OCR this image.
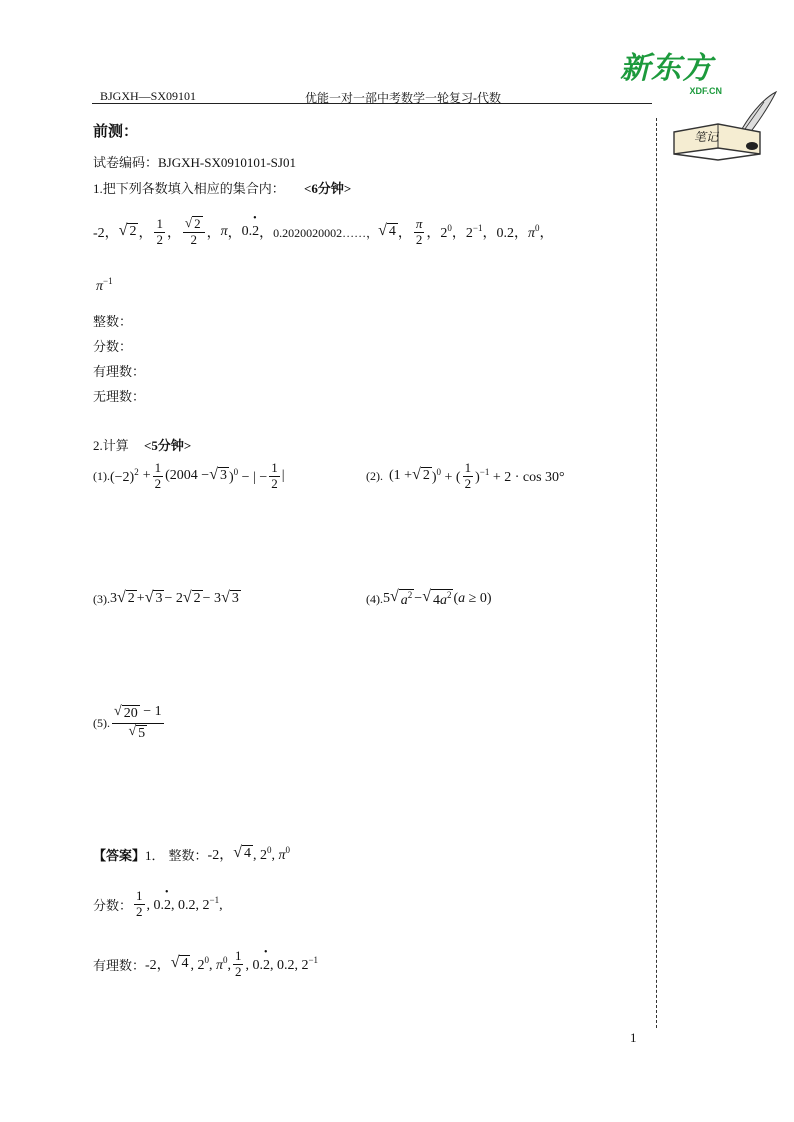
BJGXH—SX09101	优能一对一部中考数学一轮复习-代数
新东方
XDF.CN
笔记
前测：
试卷编码：BJGXH-SX0910101-SJ01
1.把下列各数填入相应的集合内： <6分钟>
-2， √ 2 ， $\frac{1}{2}$ ， $\frac{√ 2}{2}$ ， π ， 0.• 2 ， 0.2020020002……， √ 4 ， $\frac{\pi}{2}$ ， $2^0$ ， $2^{-1}$ ， 0.2， $\pi^0$ ，
$\pi^{-1}$
整数：
分数：
有理数：
无理数：
2.计算 <5分钟>
(1). $(-2)^2 + \frac{1}{2} (2004$ − √ 3 )$^0$ − | − $\frac{1}{2}$ |	(2). (1 + √ 2 )$^0$ + ( $\frac{1}{2} )^{-1} + 2 \cdot \cos 30^\circ$
(3). 3 √ 2 + √ 3 − 2 √ 2 − 3 √ 3	(4). 5 √ $a^2$ − √ $4a^2$ (a ≥ 0)
(5). $\frac{√ 20 - 1}{√ 5}$
【答案】 1． 整数： -2， √ 4 , $2^0$, $\pi^0$
分数： $\frac{1}{2}$ , 0.• 2, 0.2, $2^{-1}$,
有理数： -2， √ 4 , $2^0$, $\pi^0$, $\frac{1}{2}$ , 0.• 2, 0.2, $2^{-1}$
1
